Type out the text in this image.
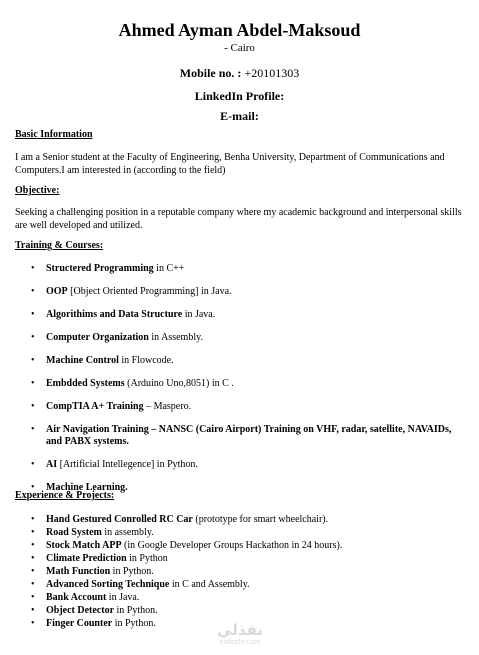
Ahmed Ayman Abdel-Maksoud
- Cairo
Mobile no. : +20101303
LinkedIn Profile:
E-mail:
Basic Information
I am a Senior student at the Faculty of Engineering, Benha University, Department of Communications and Computers.I am interested in (according to the field)
Objective:
Seeking a challenging position in a reputable company where my academic background and interpersonal skills are well developed and utilized.
Training & Courses:
• Structered Programming in C++
• OOP [Object Oriented Programming] in Java.
• Algorithims and Data Structure in Java.
• Computer Organization in Assembly.
• Machine Control in Flowcode.
• Embdded Systems (Arduino Uno,8051) in C .
• CompTIA A+ Training – Maspero.
• Air Navigation Training – NANSC (Cairo Airport) Training on VHF, radar, satellite, NAVAIDs, and PABX systems.
• AI [Artificial Intellegence] in Python.
• Machine Learning.
Experience & Projects:
• Hand Gestured Conrolled RC Car (prototype for smart wheelchair).
• Road System in assembly.
• Stock Match APP (in Google Developer Groups Hackathon in 24 hours).
• Climate Prediction in Python
• Math Function in Python.
• Advanced Sorting Technique in C and Assembly.
• Bank Account in Java.
• Object Detector in Python.
• Finger Counter in Python.	نفذلي
nafezly.com
